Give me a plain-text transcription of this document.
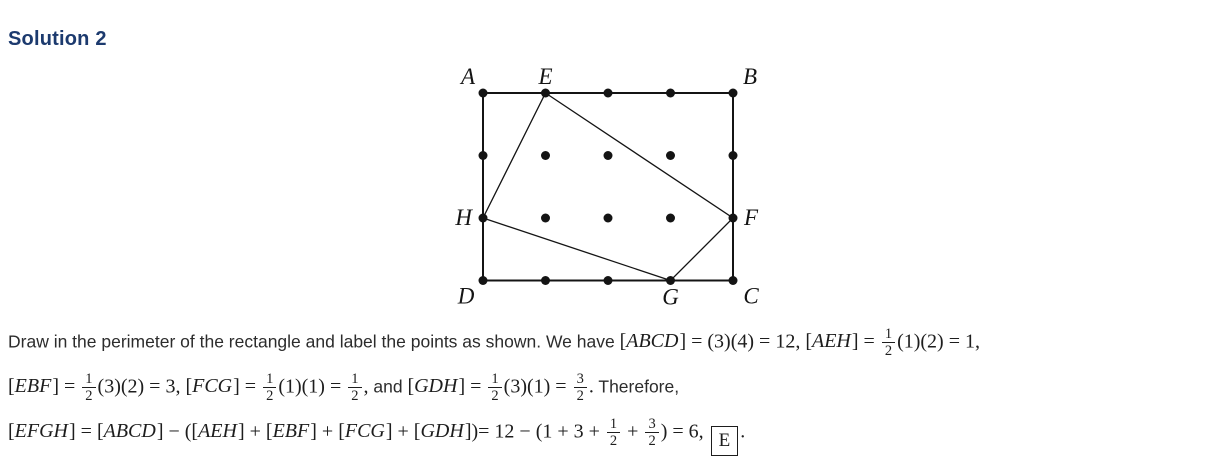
Solution 2
A	E	B
H	F
D	G	C
Draw in the perimeter of the rectangle and label the points as shown. We have [ABCD] = (3)(4) = 12, $[AEH] = \frac{1}{2} (1)(2) = 1$,
$[EBF] = \frac{1}{2} (3)(2) = 3$, $[FCG] = \frac{1}{2} (1)(1) = \frac{1}{2}$ , and $[GDH] = \frac{1}{2} (3)(1) = \frac{3}{2}$ . Therefore,
[EFGH] = [ABCD] − $([AEH] + [EBF] + [FCG] + [GDH])= 12 - (1 + 3 + \frac{1}{2} + \frac{3}{2}$ ) = 6, E .
